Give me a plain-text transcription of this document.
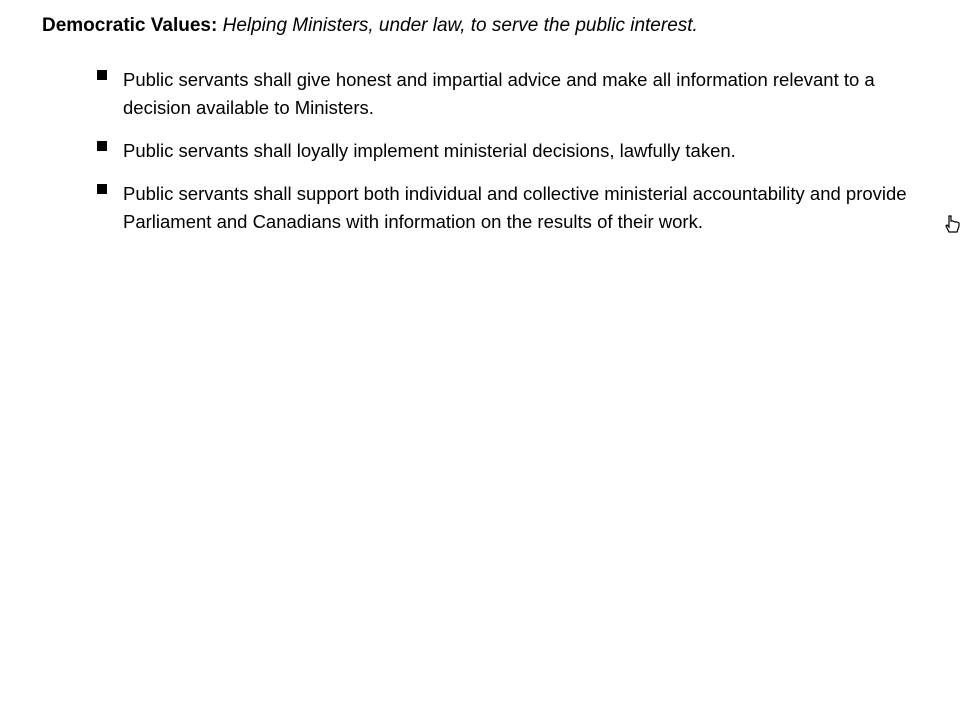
Democratic Values: Helping Ministers, under law, to serve the public interest.
Public servants shall give honest and impartial advice and make all information relevant to a decision available to Ministers.
Public servants shall loyally implement ministerial decisions, lawfully taken.
Public servants shall support both individual and collective ministerial accountability and provide Parliament and Canadians with information on the results of their work.
